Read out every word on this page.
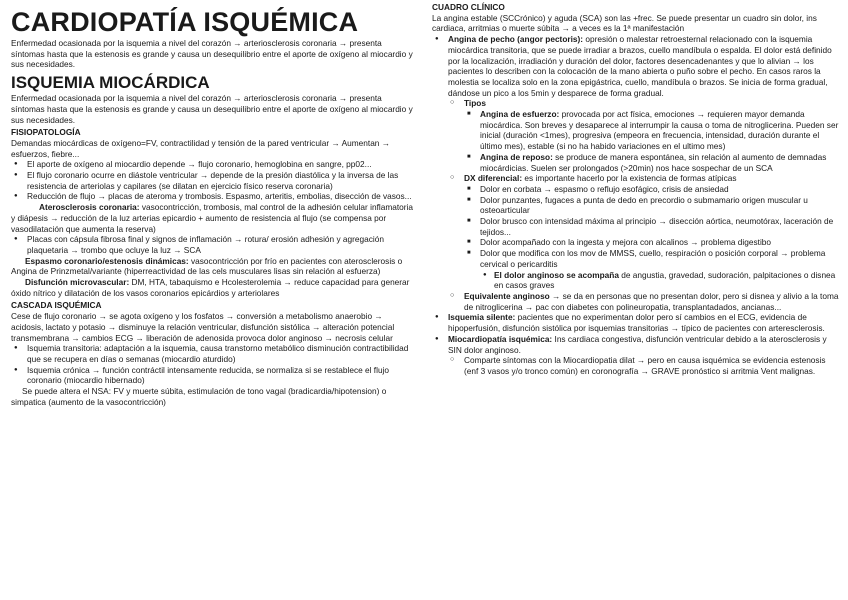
CARDIOPATÍA ISQUÉMICA

Enfermedad ocasionada por la isquemia a nivel del corazón → arteriosclerosis coronaria → presenta síntomas hasta que la estenosis es grande y causa un desequilibrio entre el aporte de oxígeno al miocardio y sus necesidades.

ISQUEMIA MIOCÁRDICA

Enfermedad ocasionada por la isquemia a nivel del corazón → arteriosclerosis coronaria → presenta síntomas hasta que la estenosis es grande y causa un desequilibrio entre el aporte de oxígeno al miocardio y sus necesidades.

FISIOPATOLOGÍA

Demandas miocárdicas de oxígeno=FV, contractilidad y tensión de la pared ventricular → Aumentan → esfuerzos, fiebre...

● El aporte de oxígeno al miocardio depende → flujo coronario, hemoglobina en sangre, pp02...
● El flujo coronario ocurre en diástole ventricular → depende de la presión diastólica y la inversa de las resistencia de arteriolas y capilares (se dilatan en ejercicio físico reserva coronaria)
● Reducción de flujo → placas de ateroma y trombosis. Espasmo, arteritis, embolias, disección de vasos...

Aterosclerosis coronaria: vasocontricción, trombosis, mal control de la adhesión celular inflamatoria y diápesis → reducción de la luz arterias epicardio + aumento de resistencia al flujo (se compensa por vasodilatación que aumenta la reserva)

● Placas con cápsula fibrosa final y signos de inflamación → rotura/ erosión adhesión y agregación plaquetaria → trombo que ocluye la luz → SCA

Espasmo coronario/estenosis dinámicas: vasocontricción por frío en pacientes con aterosclerosis o Angina de Prinzmetal/variante (hiperreactividad de las cels musculares lisas sin relación al esfuerza)

Disfunción microvascular: DM, HTA, tabaquismo e Hcolesterolemia → reduce capacidad para generar óxido nítrico y dilatación de los vasos coronarios epicárdios y arteriolares

CASCADA ISQUÉMICA

Cese de flujo coronario → se agota oxígeno y los fosfatos → conversión a metabolismo anaerobio → acidosis, lactato y potasio → disminuye la relación ventricular, disfunción sistólica → alteración potencial transmembrana → cambios ECG → liberación de adenosida provoca dolor anginoso → necrosis celular

● Isquemia transitoria: adaptación a la isquemia, causa transtorno metabólico disminución contractibilidad que se recupera en días o semanas (miocardio aturdido)
● Isquemia crónica → función contráctil intensamente reducida, se normaliza si se restablece el flujo coronario (miocardio hibernado)

Se puede altera el NSA: FV y muerte súbita, estimulación de tono vagal (bradicardia/hipotension) o simpatica (aumento de la vasocontricción)

CUADRO CLÍNICO

La angina estable (SCCrónico) y aguda (SCA) son las +frec. Se puede presentar un cuadro sin dolor, ins cardiaca, arritmias o muerte súbita → a veces es la 1ª manifestación

● Angina de pecho (angor pectoris): opresión o malestar retroesternal relacionado con la isquemia miocárdica transitoria, que se puede irradiar a brazos, cuello mandíbula o espalda. El dolor está definido por la localización, irradiación y duración del dolor, factores desencadenantes y que lo alivian → los pacientes lo describen con la colocación de la mano abierta o puño sobre el pecho. En casos raros la molestia se localiza solo en la zona epigástrica, cuello, mandíbula o brazos. Se inicia de forma gradual, dándose un pico a los 5min y desparece de forma gradual.
○ Tipos
■ Angina de esfuerzo: provocada por act física, emociones → requieren mayor demanda miocárdica. Son breves y desaparece al interrumpir la causa o toma de nitroglicerina. Pueden ser inicial (duración <1mes), progresiva (empeora en frecuencia, intensidad, duración durante el último mes), estable (si no ha habido variaciones en el ultimo mes)
■ Angina de reposo: se produce de manera espontánea, sin relación al aumento de demnadas miocárdicias. Suelen ser prolongados (>20min) nos hace sospechar de un SCA
○ DX diferencial: es importante hacerlo por la existencia de formas atípicas
■ Dolor en corbata → espasmo o reflujo esofágico, crisis de ansiedad
■ Dolor punzantes, fugaces a punta de dedo en precordio o submamario origen muscular u osteoarticular
■ Dolor brusco con intensidad máxima al principio → disección aórtica, neumotórax, laceración de tejidos...
■ Dolor acompañado con la ingesta y mejora con alcalinos → problema digestibo
■ Dolor que modifica con los mov de MMSS, cuello, respiración o posición corporal → problema cervical o pericarditis
● El dolor anginoso se acompaña de angustia, gravedad, sudoración, palpitaciones o disnea en casos graves
○ Equivalente anginoso → se da en personas que no presentan dolor, pero si disnea y alivio a la toma de nitroglicerina → pac con diabetes con polineuropatia, transplantadados, ancianas...
● Isquemia silente: pacientes que no experimentan dolor pero sí cambios en el ECG, evidencia de hipoperfusión, disfunción sistólica por isquemias transitorias → típico de pacientes con arteresclerosis.
● Miocardiopatía isquémica: Ins cardiaca congestiva, disfunción ventricular debido a la aterosclerosis y SIN dolor anginoso.
○ Comparte síntomas con la Miocardiopatia dilat → pero en causa isquémica se evidencia estenosis (enf 3 vasos y/o tronco común) en coronografía → GRAVE pronóstico si arritmia Vent malignas.
